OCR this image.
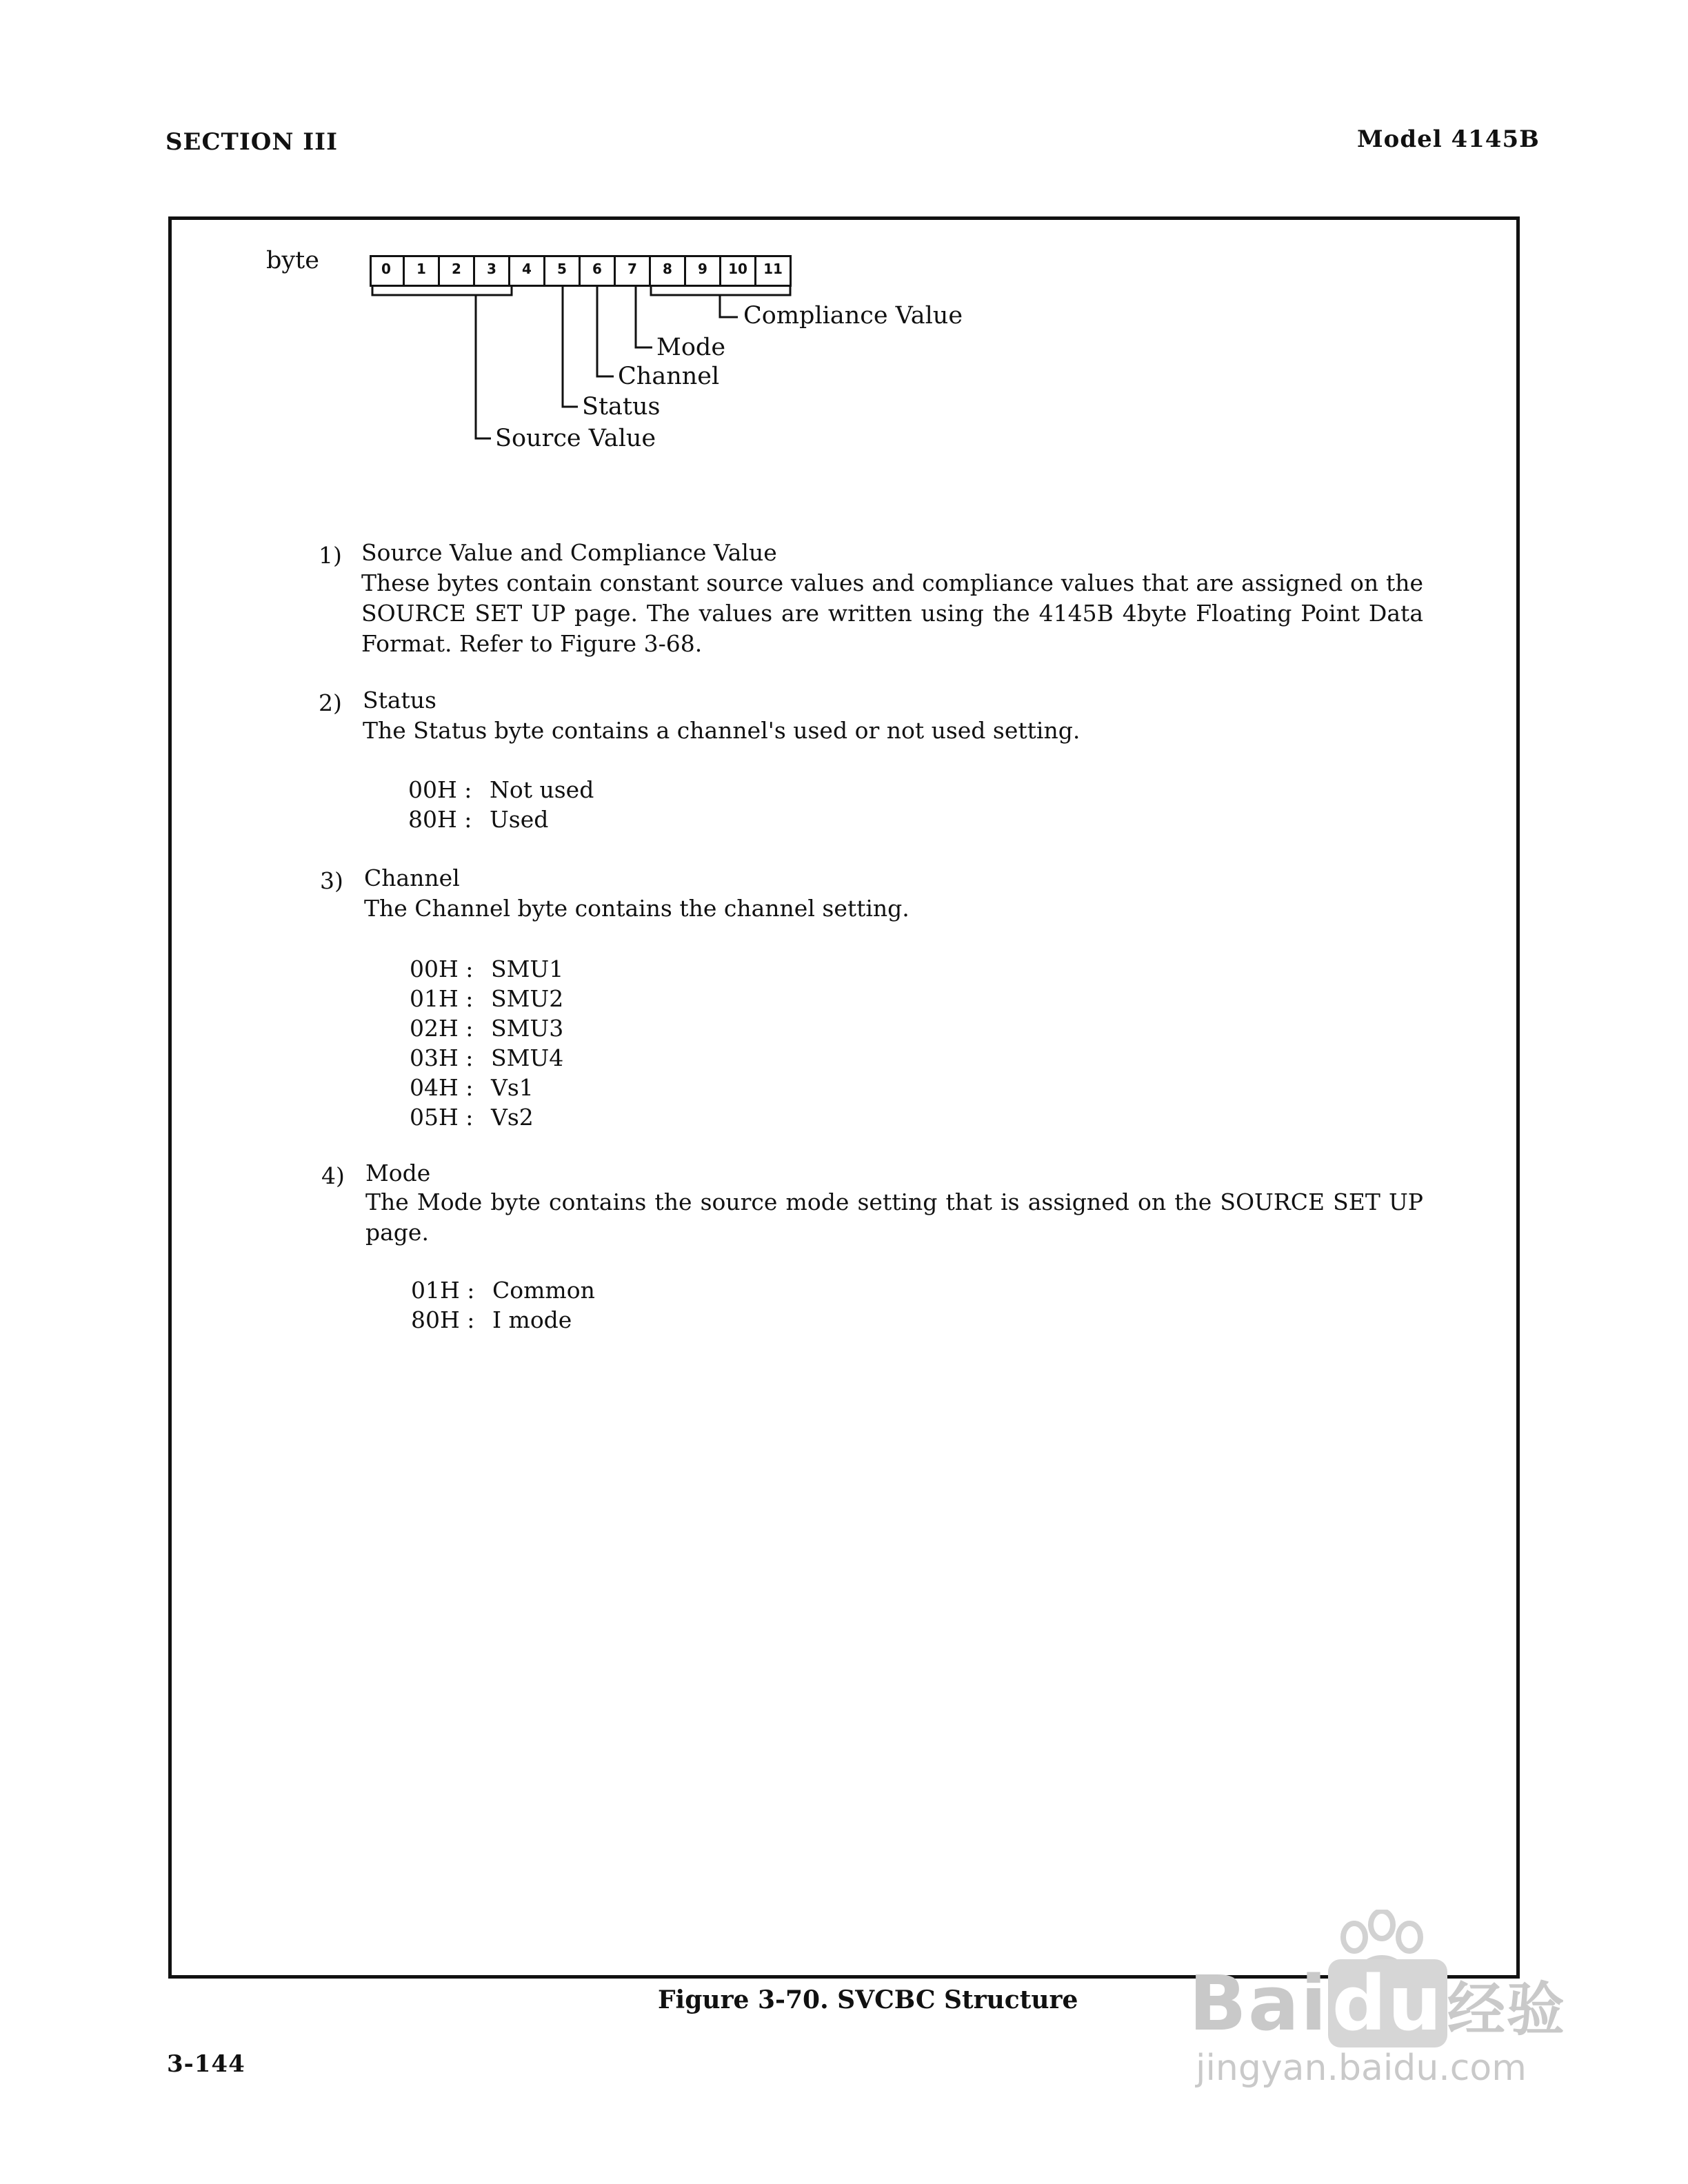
SECTION III	Model 4145B
byte	0	1	2	3	4	5	6	7	8	9	10	11
Compliance Value
Mode
Channel
Status
Source Value
1) Source Value and Compliance Value
These bytes contain constant source values and compliance values that are assigned on the SOURCE SET UP page. The values are written using the 4145B 4byte Floating Point Data Format. Refer to Figure 3-68.
2) Status
The Status byte contains a channel's used or not used setting.
00H : Not used
80H : Used
3) Channel
The Channel byte contains the channel setting.
00H : SMU1
01H : SMU2
02H : SMU3
03H : SMU4
04H : Vs1
05H : Vs2
4) Mode
The Mode byte contains the source mode setting that is assigned on the SOURCE SET UP page.
01H : Common
80H : I mode
Figure 3-70. SVCBC Structure
3-144
Baidu经验
jingyan.baidu.com
